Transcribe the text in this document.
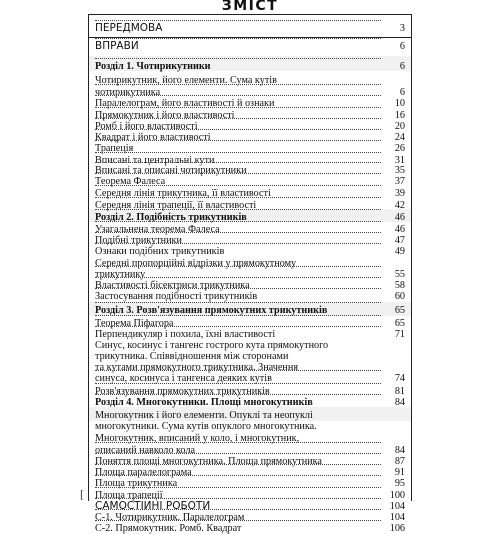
ЗМІСТ
[
ПЕРЕДМОВА	3
ВПРАВИ	6
Розділ 1. Чотирикутники	6
Чотирикутник, його елементи. Сума кутів
чотирикутника	6
Паралелограм, його властивості й ознаки	10
Прямокутник і його властивості	16
Ромб і його властивості	20
Квадрат і його властивості	24
Трапеція	26
Вписані та центральні кути	31
Вписані та описані чотирикутники	35
Теорема Фалеса	37
Середня лінія трикутника, її властивості	39
Середня лінія трапеції, її властивості	42
Розділ 2. Подібність трикутників	46
Узагальнена теорема Фалеса	46
Подібні трикутники	47
Ознаки подібних трикутників	49
Середні пропорційні відрізки у прямокутному
трикутнику	55
Властивості бісектриси трикутника	58
Застосування подібності трикутників	60
Розділ 3. Розв'язування прямокутних трикутників	65
Теорема Піфагора	65
Перпендикуляр і похила, їхні властивості	71
Синус, косинус і тангенс гострого кута прямокутного
трикутника. Співвідношення між сторонами
та кутами прямокутного трикутника. Значення
синуса, косинуса і тангенса деяких кутів	74
Розв'язування прямокутних трикутників	81
Розділ 4. Многокутники. Площі многокутників	84
Многокутник і його елементи. Опуклі та неопуклі
многокутники. Сума кутів опуклого многокутника.
Многокутник, вписаний у коло, і многокутник,
описаний навколо кола	84
Поняття площі многокутника. Площа прямокутника	87
Площа паралелограма	91
Площа трикутника	95
Площа трапеції	100
САМОСТІЙНІ РОБОТИ	104
С-1. Чотирикутник. Паралелограм	104
С-2. Прямокутник. Ромб. Квадрат	106
